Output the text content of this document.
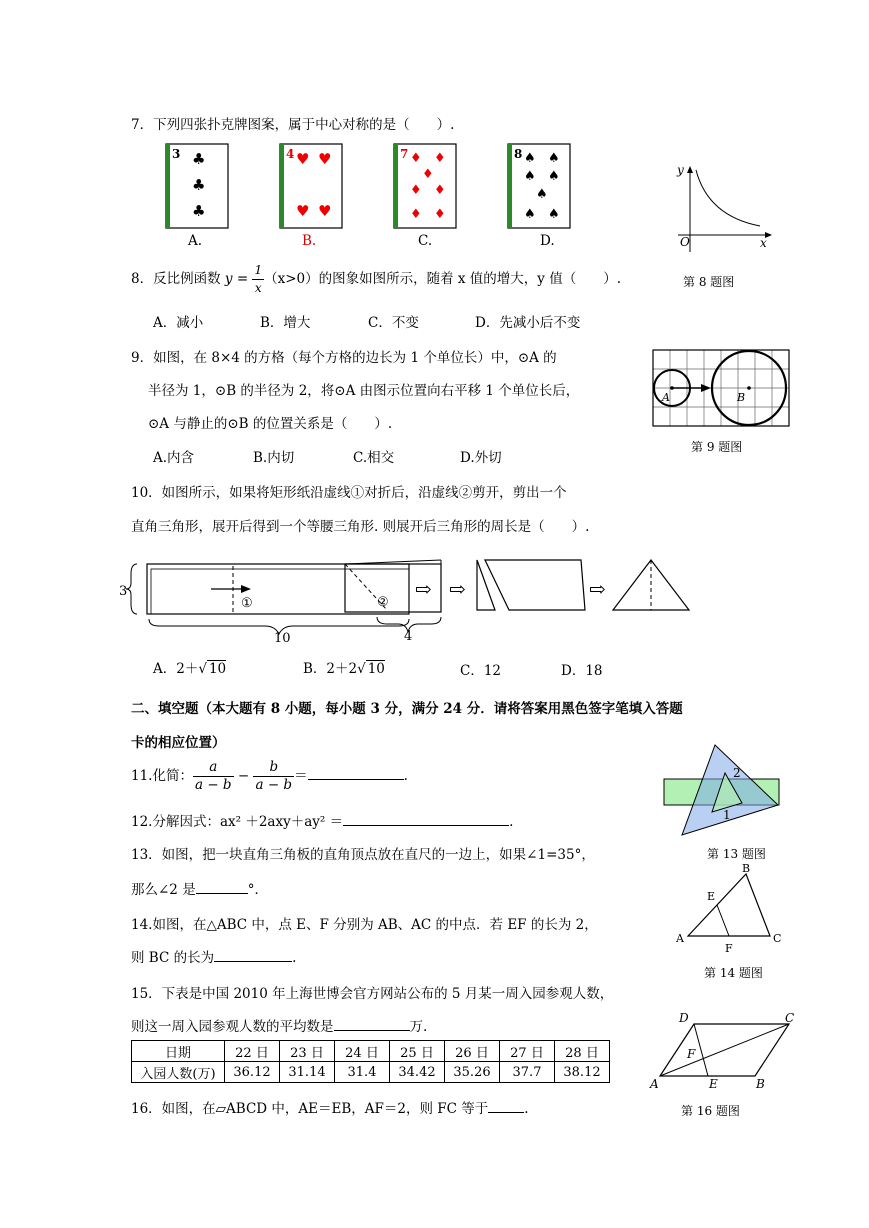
7．下列四张扑克牌图案，属于中心对称的是（　　）.
3 ♣
♣
♣
4 ♥ ♥
♥ ♥
7 ♦ ♦
♦
♦ ♦
♦ ♦
8 ♠ ♠
♠ ♠
♠
♠ ♠
A.	B.	C.	D.
y
O	x
第 8 题图
8．反比例函数 $y = \frac{1}{x} (x>0)$的图象如图所示，随着 x 值的增大，y 值（　　）.
A．减小	B．增大	C．不变	D．先减小后不变
9．如图，在 8×4 的方格（每个方格的边长为 1 个单位长）中，⊙A 的
半径为 1，⊙B 的半径为 2，将⊙A 由图示位置向右平移 1 个单位长后，
⊙A 与静止的⊙B 的位置关系是（　　）.
A.内含	B.内切	C.相交	D.外切
A	B
第 9 题图
10．如图所示，如果将矩形纸沿虚线①对折后，沿虚线②剪开，剪出一个
直角三角形，展开后得到一个等腰三角形. 则展开后三角形的周长是（　　）.
3
①
10
⇨
②
4
⇨	⇨
A．2＋√ 10	B．2＋2√ 10	C．12	D．18
二、填空题（本大题有 8 小题，每小题 3 分，满分 24 分．请将答案用黑色签字笔填入答题
卡的相应位置）
11.化简： $\frac{a}{a - b} - \frac{b}{a - b}$ ＝	.
12.分解因式：ax² ＋2axy＋ay² ＝	.
2
1
第 13 题图
13．如图，把一块直角三角板的直角顶点放在直尺的一边上，如果∠1=35°，
那么∠2 是	°．
B
E
A	C
F
第 14 题图
14.如图，在△ABC 中，点 E、F 分别为 AB、AC 的中点．若 EF 的长为 2，
则 BC 的长为	.
15．下表是中国 2010 年上海世博会官方网站公布的 5 月某一周入园参观人数，
则这一周入园参观人数的平均数是	万.
日期	22 日	23 日	24 日	25 日	26 日	27 日	28 日
入园人数(万)	36.12	31.14	31.4	34.42	35.26	37.7	38.12
16．如图，在▱ABCD 中，AE＝EB，AF＝2，则 FC 等于	.
D	C
F
A	E	B
第 16 题图
